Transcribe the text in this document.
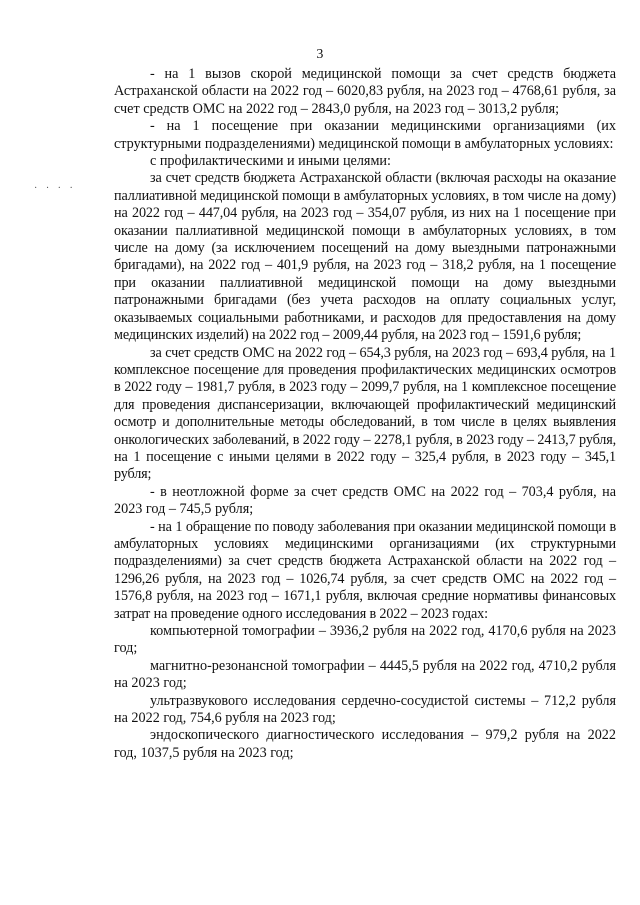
3
· · · ·

- на 1 вызов скорой медицинской помощи за счет средств бюджета Астраханской области на 2022 год – 6020,83 рубля, на 2023 год – 4768,61 рубля, за счет средств ОМС на 2022 год – 2843,0 рубля, на 2023 год – 3013,2 рубля;

- на 1 посещение при оказании медицинскими организациями (их структурными подразделениями) медицинской помощи в амбулаторных условиях:

с профилактическими и иными целями:

за счет средств бюджета Астраханской области (включая расходы на оказание паллиативной медицинской помощи в амбулаторных условиях, в том числе на дому) на 2022 год – 447,04 рубля, на 2023 год – 354,07 рубля, из них на 1 посещение при оказании паллиативной медицинской помощи в амбулаторных условиях, в том числе на дому (за исключением посещений на дому выездными патронажными бригадами), на 2022 год – 401,9 рубля, на 2023 год – 318,2 рубля, на 1 посещение при оказании паллиативной медицинской помощи на дому выездными патронажными бригадами (без учета расходов на оплату социальных услуг, оказываемых социальными работниками, и расходов для предоставления на дому медицинских изделий) на 2022 год – 2009,44 рубля, на 2023 год – 1591,6 рубля;

за счет средств ОМС на 2022 год – 654,3 рубля, на 2023 год – 693,4 рубля, на 1 комплексное посещение для проведения профилактических медицинских осмотров в 2022 году – 1981,7 рубля, в 2023 году – 2099,7 рубля, на 1 комплексное посещение для проведения диспансеризации, включающей профилактический медицинский осмотр и дополнительные методы обследований, в том числе в целях выявления онкологических заболеваний, в 2022 году – 2278,1 рубля, в 2023 году – 2413,7 рубля, на 1 посещение с иными целями в 2022 году – 325,4 рубля, в 2023 году – 345,1 рубля;

- в неотложной форме за счет средств ОМС на 2022 год – 703,4 рубля, на 2023 год – 745,5 рубля;

- на 1 обращение по поводу заболевания при оказании медицинской помощи в амбулаторных условиях медицинскими организациями (их структурными подразделениями) за счет средств бюджета Астраханской области на 2022 год – 1296,26 рубля, на 2023 год – 1026,74 рубля, за счет средств ОМС на 2022 год – 1576,8 рубля, на 2023 год – 1671,1 рубля, включая средние нормативы финансовых затрат на проведение одного исследования в 2022 – 2023 годах:

компьютерной томографии – 3936,2 рубля на 2022 год, 4170,6 рубля на 2023 год;

магнитно-резонансной томографии – 4445,5 рубля на 2022 год, 4710,2 рубля на 2023 год;

ультразвукового исследования сердечно-сосудистой системы – 712,2 рубля на 2022 год, 754,6 рубля на 2023 год;

эндоскопического диагностического исследования – 979,2 рубля на 2022 год, 1037,5 рубля на 2023 год;
